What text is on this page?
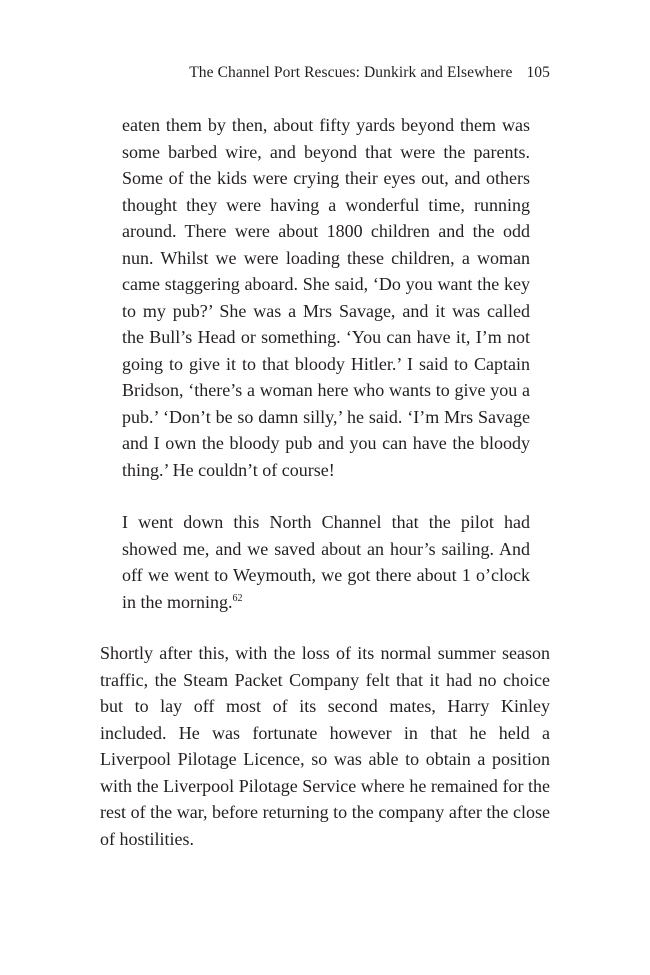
The Channel Port Rescues: Dunkirk and Elsewhere 105

eaten them by then, about fifty yards beyond them was some barbed wire, and beyond that were the parents. Some of the kids were crying their eyes out, and others thought they were having a wonderful time, running around. There were about 1800 children and the odd nun. Whilst we were loading these children, a woman came staggering aboard. She said, ‘Do you want the key to my pub?’ She was a Mrs Savage, and it was called the Bull’s Head or something. ‘You can have it, I’m not going to give it to that bloody Hitler.’ I said to Captain Bridson, ‘there’s a woman here who wants to give you a pub.’ ‘Don’t be so damn silly,’ he said. ‘I’m Mrs Savage and I own the bloody pub and you can have the bloody thing.’ He couldn’t of course!

I went down this North Channel that the pilot had showed me, and we saved about an hour’s sailing. And off we went to Weymouth, we got there about 1 o’clock in the morning.$^{62}$

Shortly after this, with the loss of its normal summer season traffic, the Steam Packet Company felt that it had no choice but to lay off most of its second mates, Harry Kinley included. He was fortunate however in that he held a Liverpool Pilotage Licence, so was able to obtain a position with the Liverpool Pilotage Service where he remained for the rest of the war, before returning to the company after the close of hostilities.
